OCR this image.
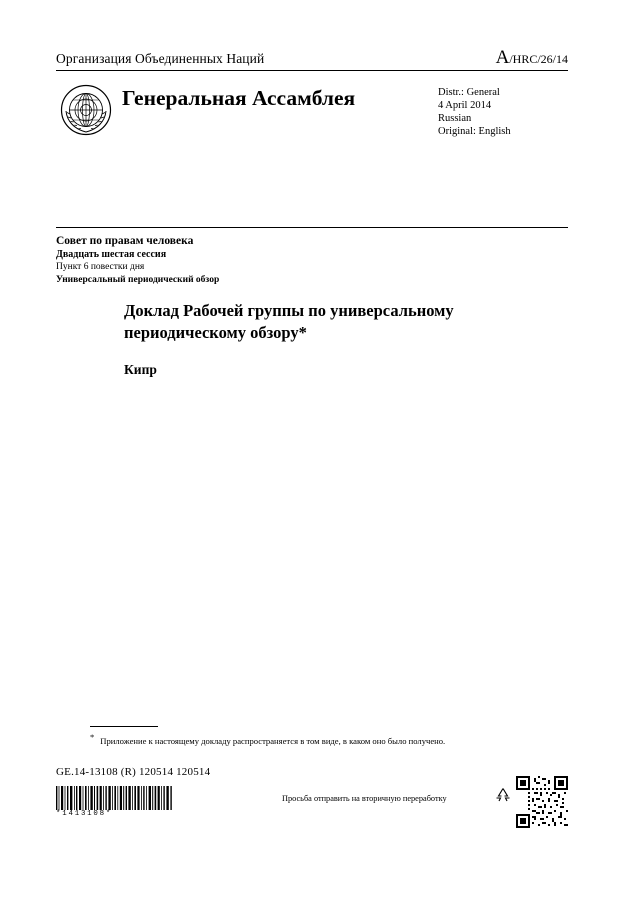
Организация Объединенных Наций	A/HRC/26/14
Генеральная Ассамблея	Distr.: General
4 April 2014
Russian
Original: English
Совет по правам человека
Двадцать шестая сессия
Пункт 6 повестки дня
Универсальный периодический обзор
Доклад Рабочей группы по универсальному периодическому обзору*
Кипр
* Приложение к настоящему докладу распространяется в том виде, в каком оно было получено.
GE.14-13108 (R) 120514 120514
*1413108*
Просьба отправить на вторичную переработку
